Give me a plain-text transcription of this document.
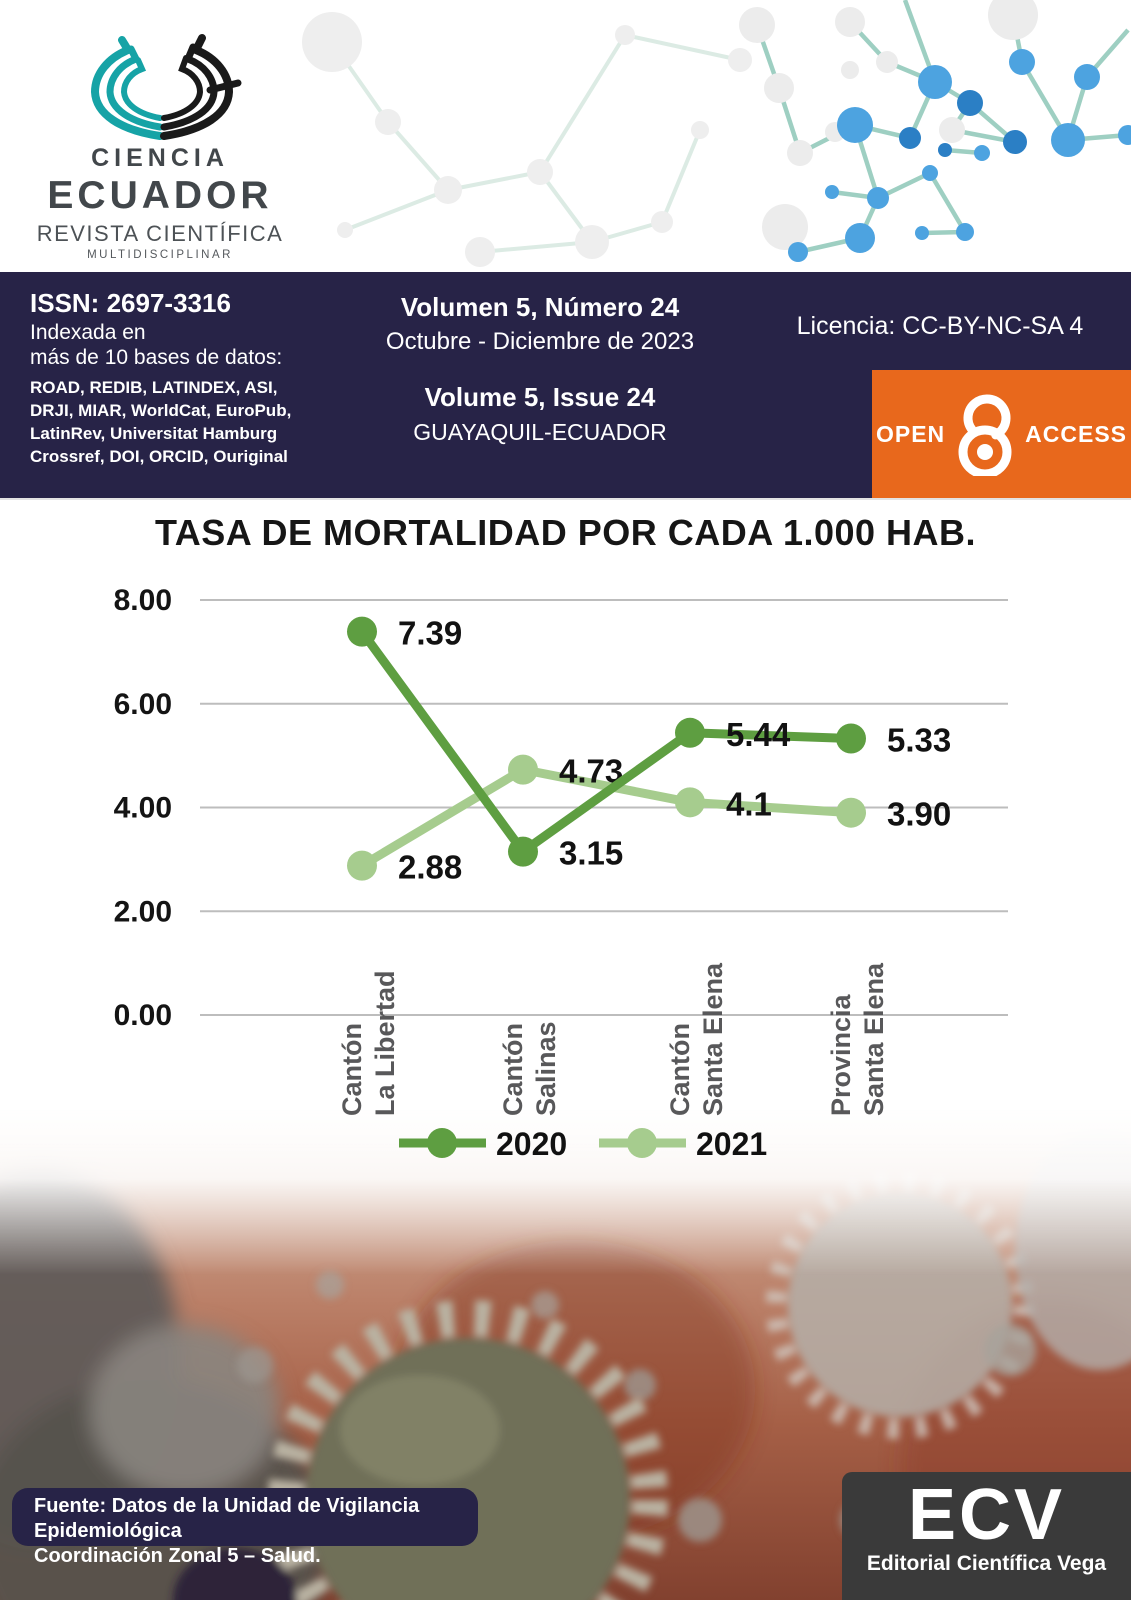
CIENCIA
ECUADOR
REVISTA CIENTÍFICA
MULTIDISCIPLINAR
ISSN: 2697-3316
Indexada en
más de 10 bases de datos:
ROAD, REDIB, LATINDEX, ASI,
DRJI, MIAR, WorldCat, EuroPub,
LatinRev, Universitat Hamburg
Crossref, DOI, ORCID, Ouriginal
Volumen 5, Número 24
Octubre - Diciembre de 2023
Volume 5, Issue 24
GUAYAQUIL-ECUADOR
Licencia: CC-BY-NC-SA 4
OPEN	ACCESS
TASA DE MORTALIDAD POR CADA 1.000 HAB.
8.00
6.00
4.00
2.00
0.00
Cantón La Libertad	Cantón Salinas	Cantón Santa Elena	Provincia Santa Elena
2.88
4.73
4.1	3.90
7.39
3.15
5.44	5.33
2020	2021
Fuente: Datos de la Unidad de Vigilancia Epidemiológica
Coordinación Zonal 5 – Salud.
ECV
Editorial Científica Vega
